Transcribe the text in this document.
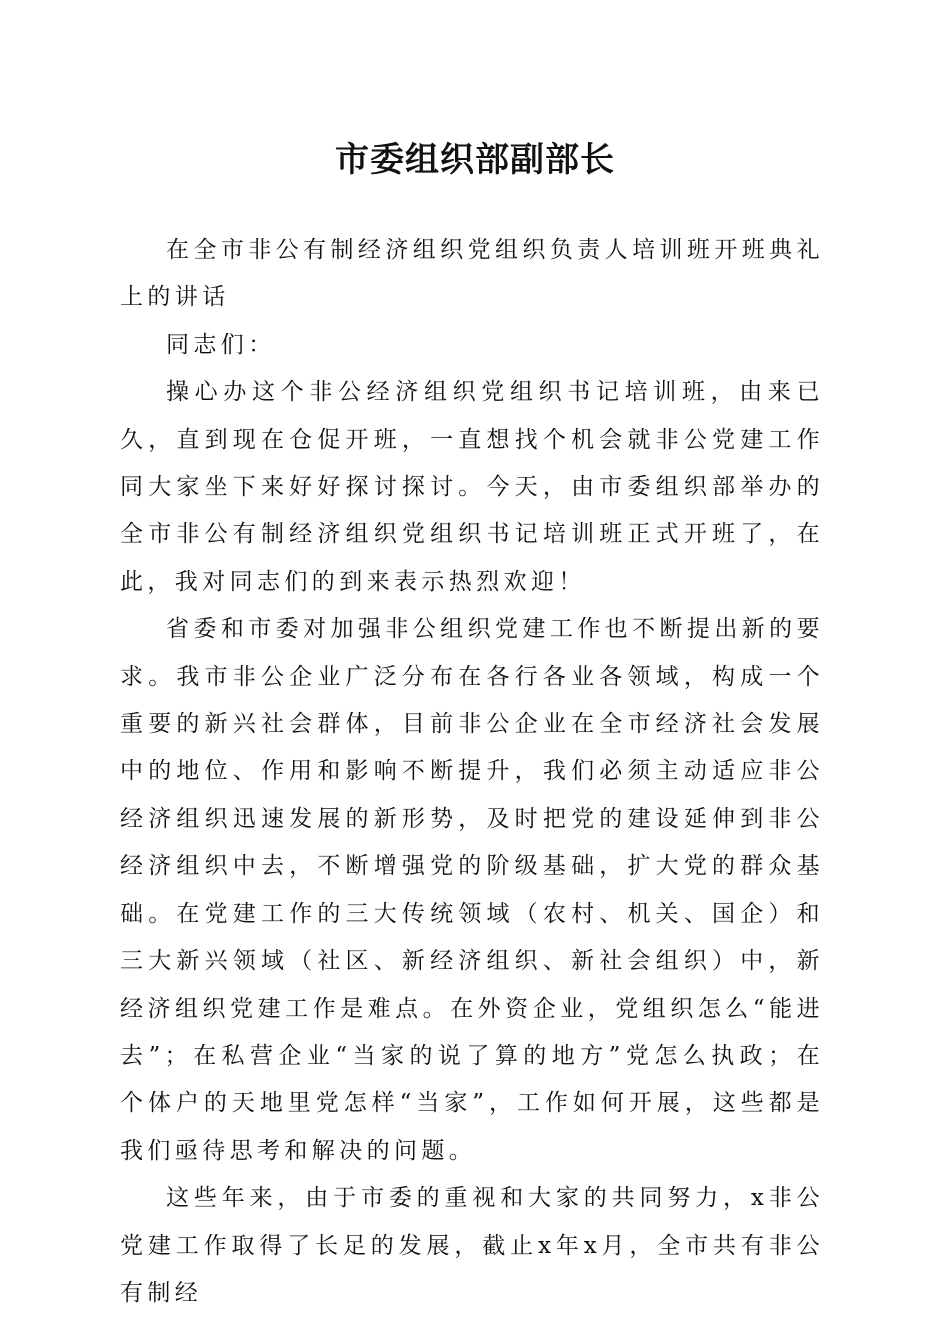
市委组织部副部长

在全市非公有制经济组织党组织负责人培训班开班典礼上的讲话

同志们：

操心办这个非公经济组织党组织书记培训班，由来已久，直到现在仓促开班，一直想找个机会就非公党建工作同大家坐下来好好探讨探讨。今天，由市委组织部举办的全市非公有制经济组织党组织书记培训班正式开班了，在此，我对同志们的到来表示热烈欢迎！

省委和市委对加强非公组织党建工作也不断提出新的要求。我市非公企业广泛分布在各行各业各领域，构成一个重要的新兴社会群体，目前非公企业在全市经济社会发展中的地位、作用和影响不断提升，我们必须主动适应非公经济组织迅速发展的新形势，及时把党的建设延伸到非公经济组织中去，不断增强党的阶级基础，扩大党的群众基础。在党建工作的三大传统领域（农村、机关、国企）和三大新兴领域（社区、新经济组织、新社会组织）中，新经济组织党建工作是难点。在外资企业，党组织怎么“能进去”；在私营企业“当家的说了算的地方”党怎么执政；在个体户的天地里党怎样“当家”，工作如何开展，这些都是我们亟待思考和解决的问题。

这些年来，由于市委的重视和大家的共同努力，x非公党建工作取得了长足的发展，截止x年x月，全市共有非公有制经
